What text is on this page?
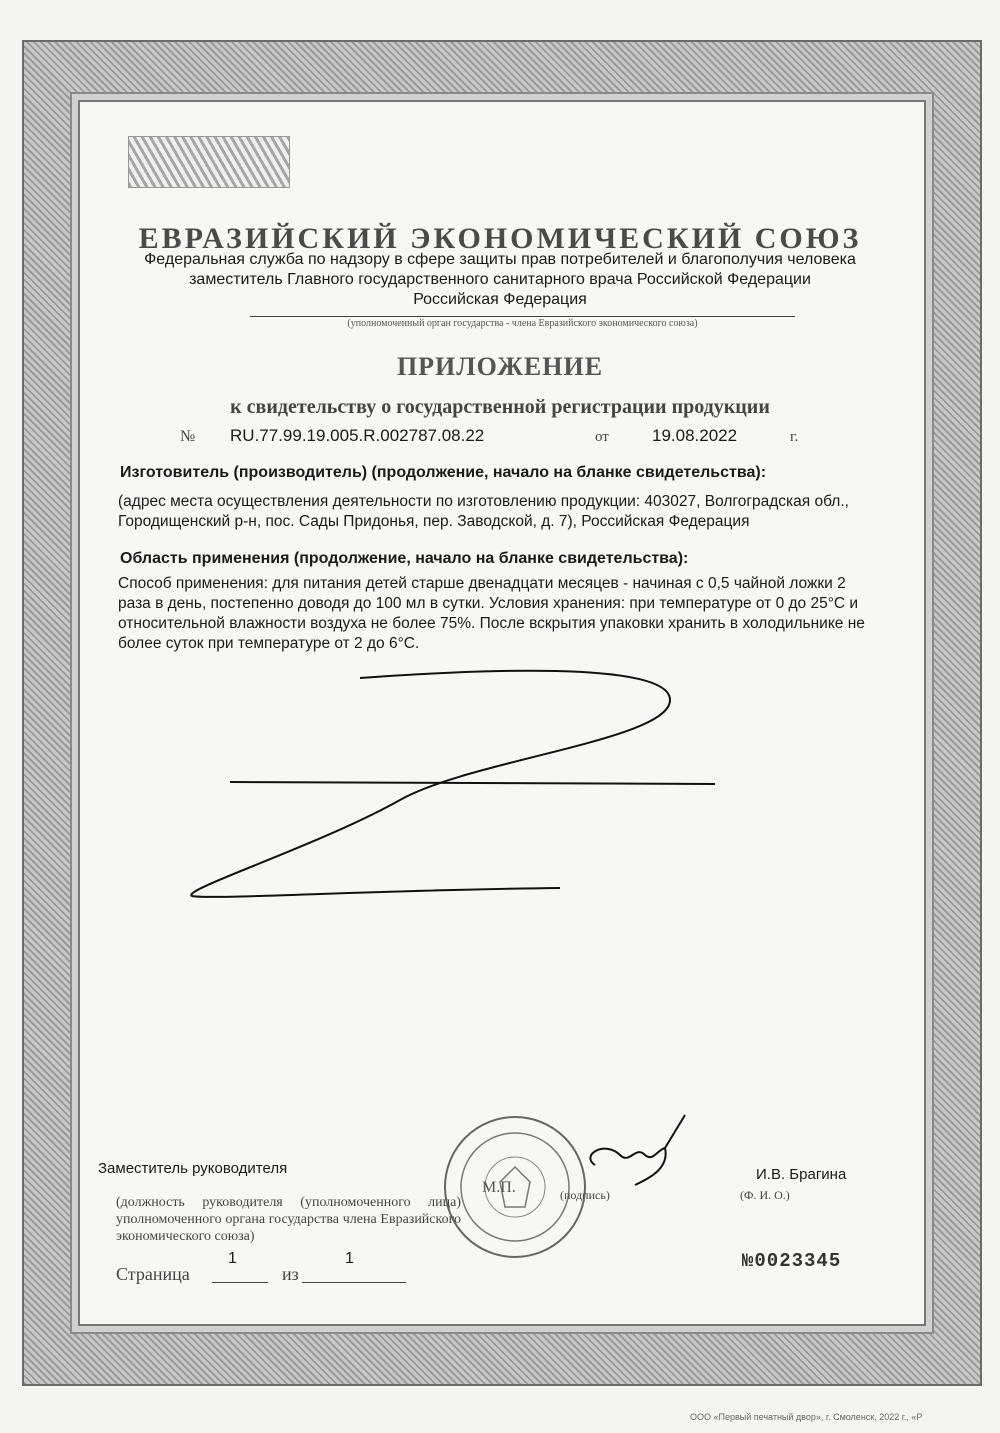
ЕВРАЗИЙСКИЙ ЭКОНОМИЧЕСКИЙ СОЮЗ
Федеральная служба по надзору в сфере защиты прав потребителей и благополучия человека
заместитель Главного государственного санитарного врача Российской Федерации
Российская Федерация
(уполномоченный орган государства - члена Евразийского экономического союза)
ПРИЛОЖЕНИЕ
к свидетельству о государственной регистрации продукции
№ RU.77.99.19.005.R.002787.08.22	от	19.08.2022	г.
Изготовитель (производитель) (продолжение, начало на бланке свидетельства):
(адрес места осуществления деятельности по изготовлению продукции: 403027, Волгоградская обл., Городищенский р-н, пос. Сады Придонья, пер. Заводской, д. 7), Российская Федерация
Область применения (продолжение, начало на бланке свидетельства):
Способ применения: для питания детей старше двенадцати месяцев - начиная с 0,5 чайной ложки 2 раза в день, постепенно доводя до 100 мл в сутки. Условия хранения: при температуре от 0 до 25°С и относительной влажности воздуха не более 75%. После вскрытия упаковки хранить в холодильнике не более суток при температуре от 2 до 6°С.
М.П.
Заместитель руководителя	И.В. Брагина
(должность руководителя (уполномоченного лица) уполномоченного органа государства члена Евразийского экономического союза)
(подпись)	(Ф. И. О.)
Страница
1
из
1	№0023345
ООО «Первый печатный двор», г. Смоленск, 2022 г., «Р
